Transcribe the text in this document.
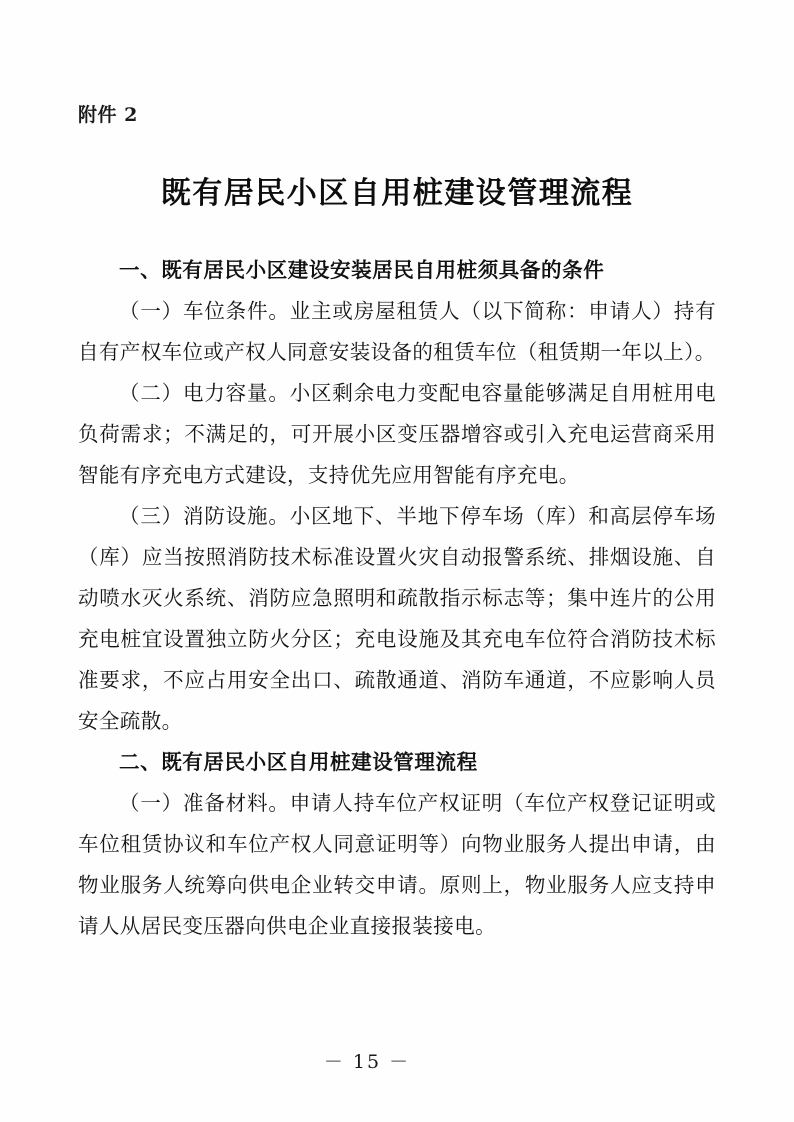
附件 2
既有居民小区自用桩建设管理流程

一、既有居民小区建设安装居民自用桩须具备的条件

（一）车位条件。业主或房屋租赁人（以下简称：申请人）持有自有产权车位或产权人同意安装设备的租赁车位（租赁期一年以上）。

（二）电力容量。小区剩余电力变配电容量能够满足自用桩用电负荷需求；不满足的，可开展小区变压器增容或引入充电运营商采用智能有序充电方式建设，支持优先应用智能有序充电。

（三）消防设施。小区地下、半地下停车场（库）和高层停车场（库）应当按照消防技术标准设置火灾自动报警系统、排烟设施、自动喷水灭火系统、消防应急照明和疏散指示标志等；集中连片的公用充电桩宜设置独立防火分区；充电设施及其充电车位符合消防技术标准要求，不应占用安全出口、疏散通道、消防车通道，不应影响人员安全疏散。

二、既有居民小区自用桩建设管理流程

（一）准备材料。申请人持车位产权证明（车位产权登记证明或车位租赁协议和车位产权人同意证明等）向物业服务人提出申请，由物业服务人统筹向供电企业转交申请。原则上，物业服务人应支持申请人从居民变压器向供电企业直接报装接电。

－ 15 －
